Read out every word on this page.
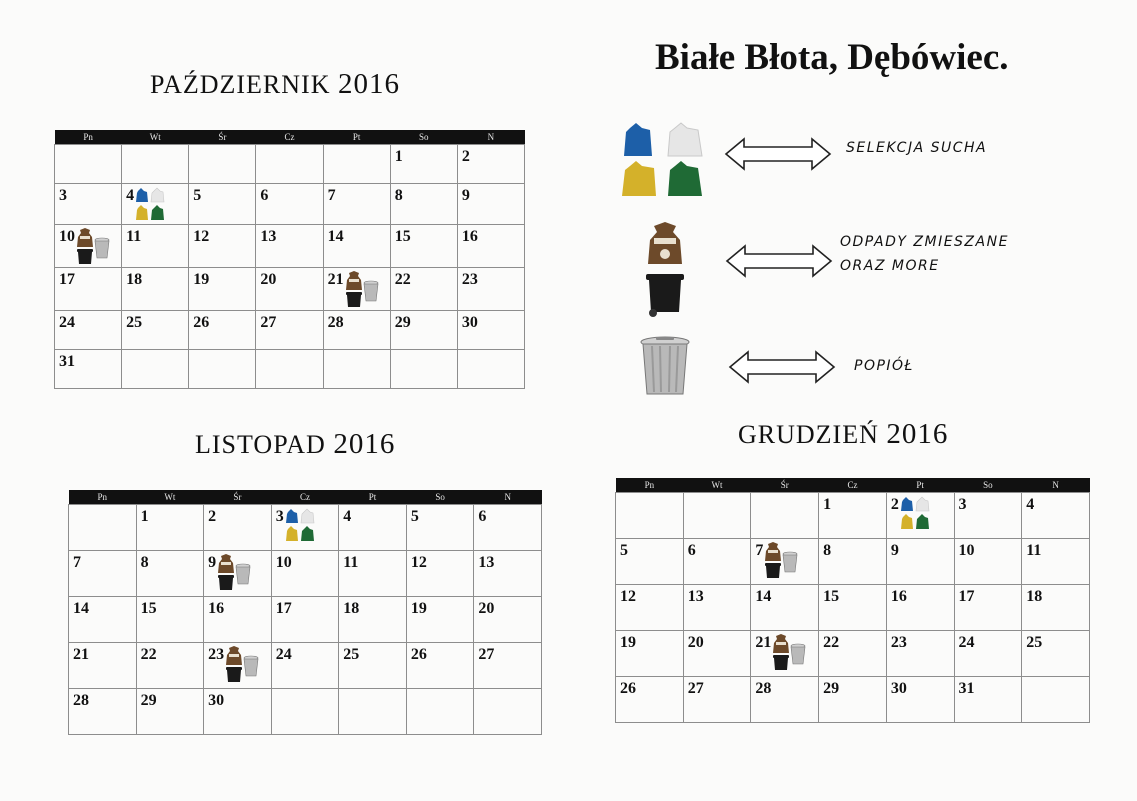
Białe Błota, Dębówiec.
PAŹDZIERNIK 2016
LISTOPAD 2016	GRUDZIEŃ 2016
Pn	Wt	Śr	Cz	Pt	So	N
					1	2
3	4	5	6	7	8	9
10	11	12	13	14	15	16
17	18	19	20	21	22	23
24	25	26	27	28	29	30
31						
Pn	Wt	Śr	Cz	Pt	So	N
	1	2	3	4	5	6
7	8	9	10	11	12	13
14	15	16	17	18	19	20
21	22	23	24	25	26	27
28	29	30				
Pn	Wt	Śr	Cz	Pt	So	N
			1	2	3	4
5	6	7	8	9	10	11
12	13	14	15	16	17	18
19	20	21	22	23	24	25
26	27	28	29	30	31	
SELEKCJA SUCHA
ODPADY ZMIESZANE
ORAZ MORE
POPIÓŁ
